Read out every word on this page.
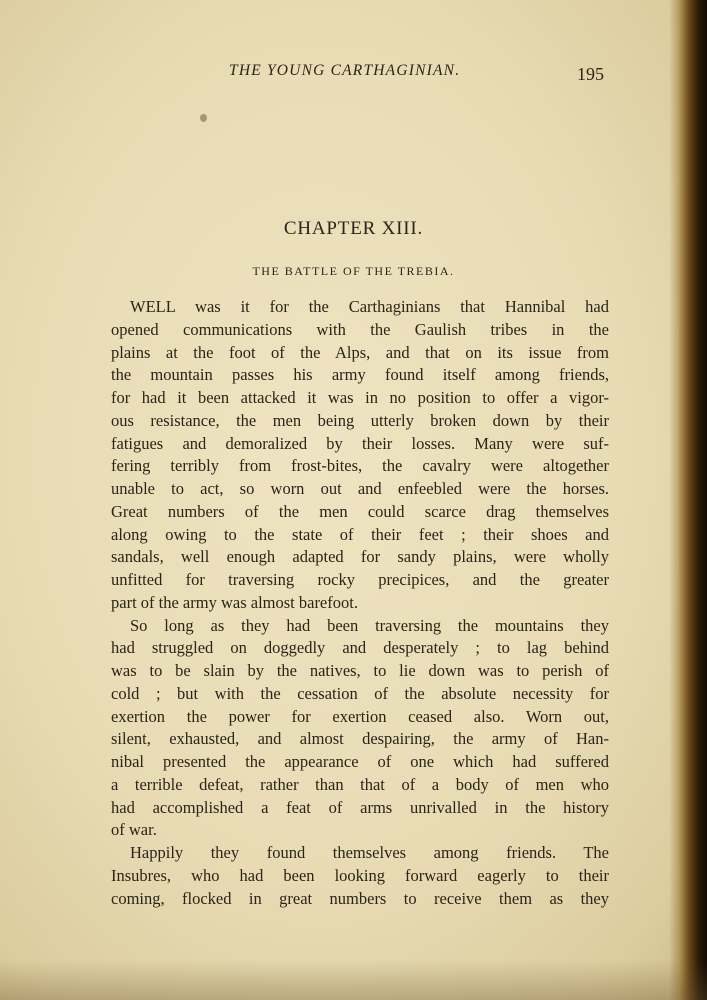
THE YOUNG CARTHAGINIAN.	195
CHAPTER XIII.
THE BATTLE OF THE TREBIA.
WELL was it for the Carthaginians that Hannibal had
opened communications with the Gaulish tribes in the
plains at the foot of the Alps, and that on its issue from
the mountain passes his army found itself among friends,
for had it been attacked it was in no position to offer a vigor-
ous resistance, the men being utterly broken down by their
fatigues and demoralized by their losses. Many were suf-
fering terribly from frost-bites, the cavalry were altogether
unable to act, so worn out and enfeebled were the horses.
Great numbers of the men could scarce drag themselves
along owing to the state of their feet ; their shoes and
sandals, well enough adapted for sandy plains, were wholly
unfitted for traversing rocky precipices, and the greater
part of the army was almost barefoot.
So long as they had been traversing the mountains they
had struggled on doggedly and desperately ; to lag behind
was to be slain by the natives, to lie down was to perish of
cold ; but with the cessation of the absolute necessity for
exertion the power for exertion ceased also. Worn out,
silent, exhausted, and almost despairing, the army of Han-
nibal presented the appearance of one which had suffered
a terrible defeat, rather than that of a body of men who
had accomplished a feat of arms unrivalled in the history
of war.
Happily they found themselves among friends. The
Insubres, who had been looking forward eagerly to their
coming, flocked in great numbers to receive them as they
